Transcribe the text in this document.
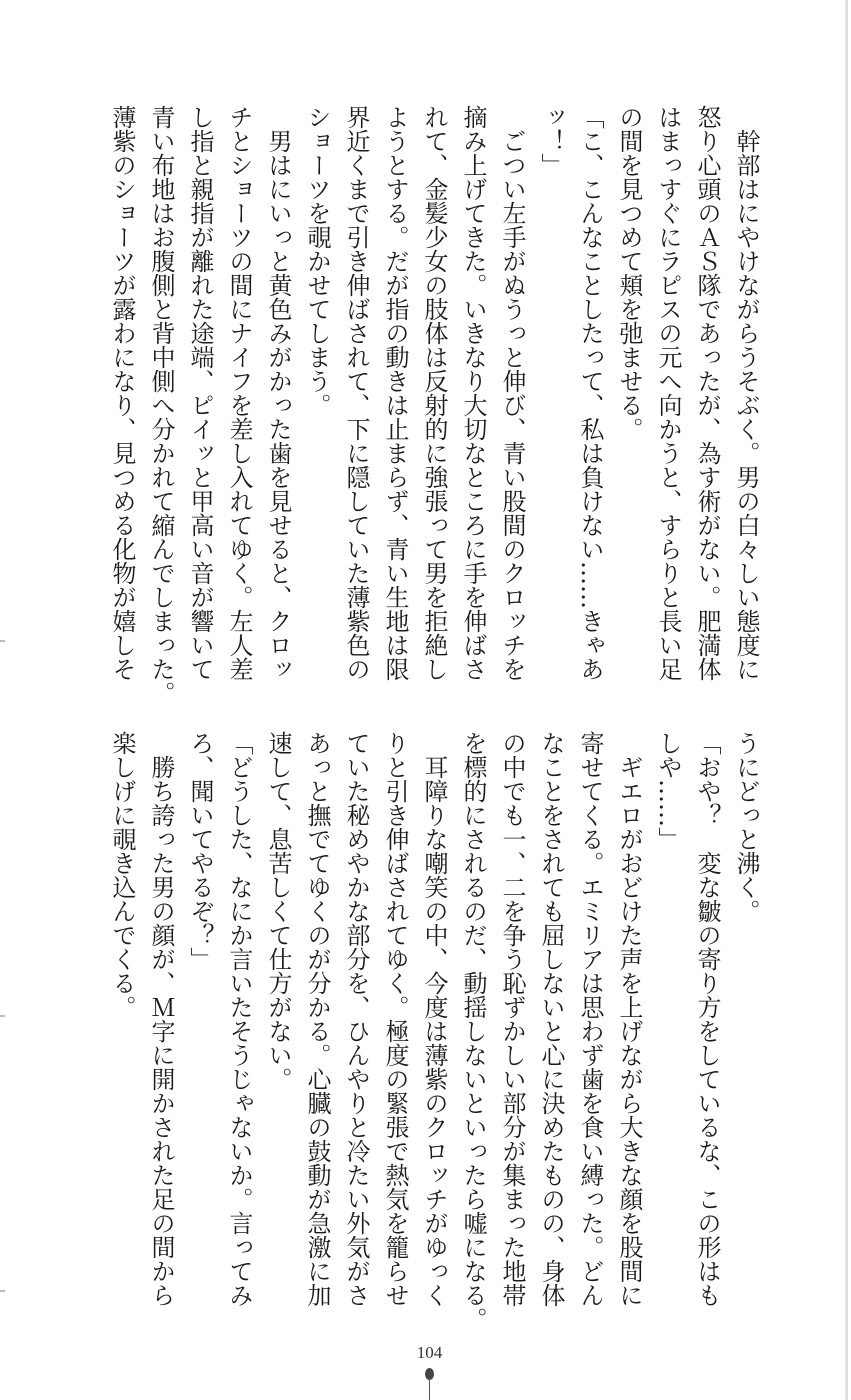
　幹部はにやけながらうそぶく。男の白々しい態度に
怒り心頭のＡＳ隊であったが、為す術がない。肥満体
はまっすぐにラピスの元へ向かうと、すらりと長い足
の間を見つめて頬を弛ませる。
「こ、こんなことしたって、私は負けない……きゃあ
ッ！」
　ごつい左手がぬうっと伸び、青い股間のクロッチを
摘み上げてきた。いきなり大切なところに手を伸ばさ
れて、金髪少女の肢体は反射的に強張って男を拒絶し
ようとする。だが指の動きは止まらず、青い生地は限
界近くまで引き伸ばされて、下に隠していた薄紫色の
ショーツを覗かせてしまう。
　男はにいっと黄色みがかった歯を見せると、クロッ
チとショーツの間にナイフを差し入れてゆく。左人差
し指と親指が離れた途端、ピイッと甲高い音が響いて
青い布地はお腹側と背中側へ分かれて縮んでしまった。
薄紫のショーツが露わになり、見つめる化物が嬉しそ
うにどっと沸く。
「おや？　変な皺の寄り方をしているな、この形はも
しや……」
　ギエロがおどけた声を上げながら大きな顔を股間に
寄せてくる。エミリアは思わず歯を食い縛った。どん
なことをされても屈しないと心に決めたものの、身体
の中でも一、二を争う恥ずかしい部分が集まった地帯
を標的にされるのだ、動揺しないといったら嘘になる。
　耳障りな嘲笑の中、今度は薄紫のクロッチがゆっく
りと引き伸ばされてゆく。極度の緊張で熱気を籠らせ
ていた秘めやかな部分を、ひんやりと冷たい外気がさ
あっと撫でてゆくのが分かる。心臓の鼓動が急激に加
速して、息苦しくて仕方がない。
「どうした、なにか言いたそうじゃないか。言ってみ
ろ、聞いてやるぞ？」
　勝ち誇った男の顔が、Ｍ字に開かされた足の間から
楽しげに覗き込んでくる。
104
